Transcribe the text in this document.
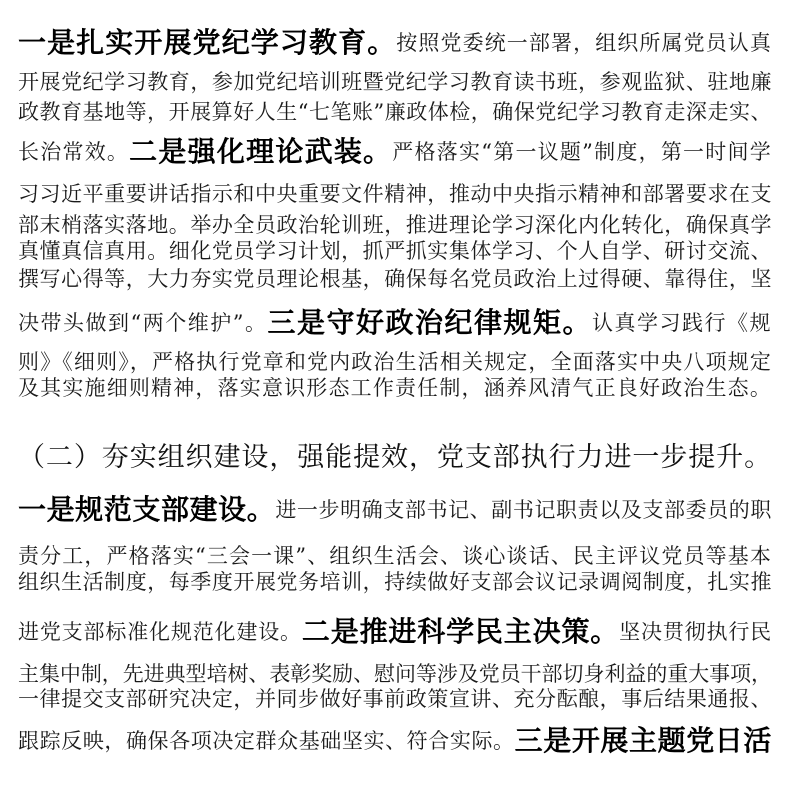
一是扎实开展党纪学习教育。 按照党委统一部署，组织所属党员认真
开展党纪学习教育，参加党纪培训班暨党纪学习教育读书班，参观监狱、驻地廉
政教育基地等，开展算好人生“七笔账”廉政体检，确保党纪学习教育走深走实、
长治常效。 二是强化理论武装。 严格落实“第一议题”制度，第一时间学
习习近平重要讲话指示和中央重要文件精神，推动中央指示精神和部署要求在支
部末梢落实落地。举办全员政治轮训班，推进理论学习深化内化转化，确保真学
真懂真信真用。细化党员学习计划，抓严抓实集体学习、个人自学、研讨交流、
撰写心得等，大力夯实党员理论根基，确保每名党员政治上过得硬、靠得住，坚
决带头做到“两个维护”。 三是守好政治纪律规矩。 认真学习践行《规
则》《细则》，严格执行党章和党内政治生活相关规定，全面落实中央八项规定
及其实施细则精神，落实意识形态工作责任制，涵养风清气正良好政治生态。
（二）夯实组织建设，强能提效，党支部执行力进一步提升。
一是规范支部建设。 进一步明确支部书记、副书记职责以及支部委员的职
责分工，严格落实“三会一课”、组织生活会、谈心谈话、民主评议党员等基本
组织生活制度，每季度开展党务培训，持续做好支部会议记录调阅制度，扎实推
进党支部标准化规范化建设。 二是推进科学民主决策。 坚决贯彻执行民
主集中制，先进典型培树、表彰奖励、慰问等涉及党员干部切身利益的重大事项，
一律提交支部研究决定，并同步做好事前政策宣讲、充分酝酿，事后结果通报、
跟踪反映，确保各项决定群众基础坚实、符合实际。 三是开展主题党日活
